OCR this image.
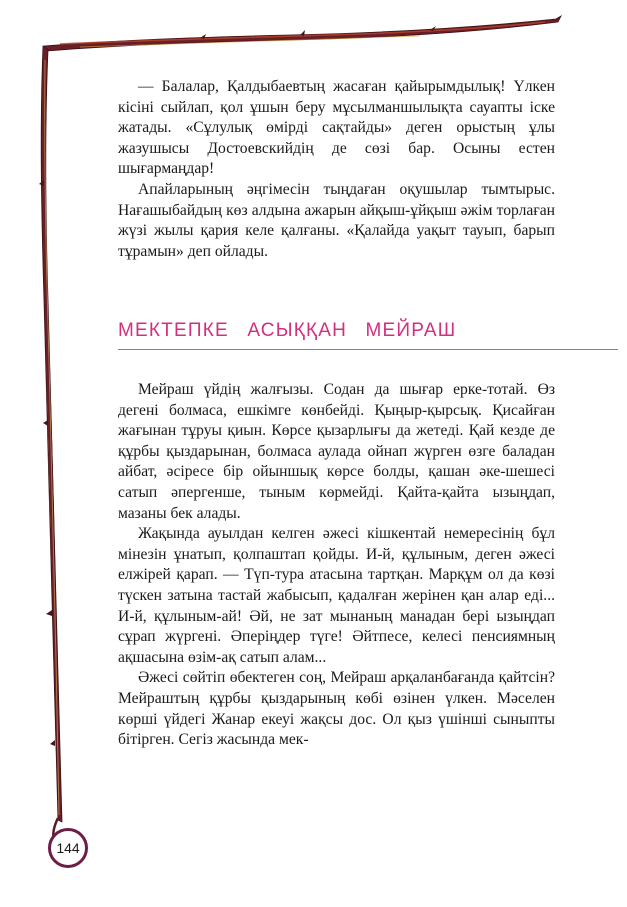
— Балалар, Қалдыбаевтың жасаған қайырымдылық! Үлкен кісіні сыйлап, қол ұшын беру мұсылманшылықта сауапты іске жатады. «Сұлулық өмірді сақтайды» деген орыстың ұлы жазушысы Достоевскийдің де сөзі бар. Осыны естен шығармаңдар!

Апайларының әңгімесін тыңдаған оқушылар тымтырыс. Нағашыбайдың көз алдына ажарын айқыш-ұйқыш әжім торлаған жүзі жылы қария келе қалғаны. «Қалайда уақыт тауып, барып тұрамын» деп ойлады.

МЕКТЕПКЕ АСЫҚҚАН МЕЙРАШ

Мейраш үйдің жалғызы. Содан да шығар ерке-тотай. Өз дегені болмаса, ешкімге көнбейді. Қыңыр-қырсық. Қисайған жағынан тұруы қиын. Көрсе қызарлығы да жетеді. Қай кезде де құрбы қыздарынан, болмаса аулада ойнап жүрген өзге баладан айбат, әсіресе бір ойыншық көрсе болды, қашан әке-шешесі сатып әпергенше, тыным көрмейді. Қайта-қайта ызыңдап, мазаны бек алады.

Жақында ауылдан келген әжесі кішкентай немересінің бұл мінезін ұнатып, қолпаштап қойды. И-й, құлыным, деген әжесі елжірей қарап. — Түп-тура атасына тартқан. Марқұм ол да көзі түскен затына тастай жабысып, қадалған жерінен қан алар еді... И-й, құлыным-ай! Әй, не зат мынаның манадан бері ызыңдап сұрап жүргені. Әперіңдер түге! Әйтпесе, келесі пенсиямның ақшасына өзім-ақ сатып алам...

Әжесі сөйтіп өбектеген соң, Мейраш арқаланбағанда қайтсін? Мейраштың құрбы қыздарының көбі өзінен үлкен. Мәселен көрші үйдегі Жанар екеуі жақсы дос. Ол қыз үшінші сыныпты бітірген. Сегіз жасында мек-

144
